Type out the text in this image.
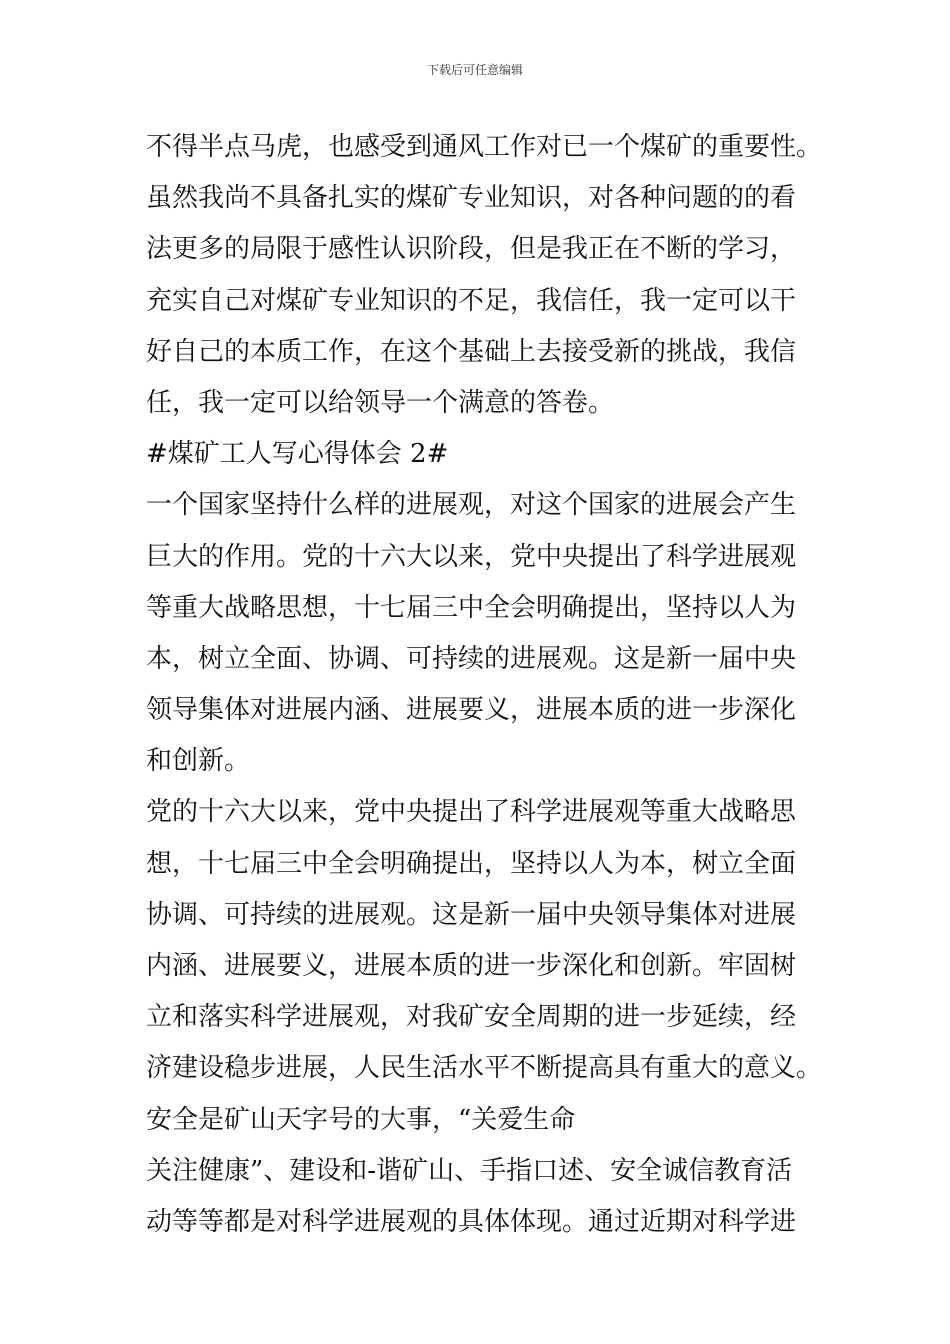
下载后可任意编辑
不得半点马虎，也感受到通风工作对已一个煤矿的重要性。
虽然我尚不具备扎实的煤矿专业知识，对各种问题的的看
法更多的局限于感性认识阶段，但是我正在不断的学习，
充实自己对煤矿专业知识的不足，我信任，我一定可以干
好自己的本质工作，在这个基础上去接受新的挑战，我信
任，我一定可以给领导一个满意的答卷。
#煤矿工人写心得体会 2#
一个国家坚持什么样的进展观，对这个国家的进展会产生
巨大的作用。党的十六大以来，党中央提出了科学进展观
等重大战略思想，十七届三中全会明确提出，坚持以人为
本，树立全面、协调、可持续的进展观。这是新一届中央
领导集体对进展内涵、进展要义，进展本质的进一步深化
和创新。
党的十六大以来，党中央提出了科学进展观等重大战略思
想，十七届三中全会明确提出，坚持以人为本，树立全面
协调、可持续的进展观。这是新一届中央领导集体对进展
内涵、进展要义，进展本质的进一步深化和创新。牢固树
立和落实科学进展观，对我矿安全周期的进一步延续，经
济建设稳步进展，人民生活水平不断提高具有重大的意义。
安全是矿山天字号的大事，“关爱生命
关注健康”、建设和-谐矿山、手指口述、安全诚信教育活
动等等都是对科学进展观的具体体现。通过近期对科学进
